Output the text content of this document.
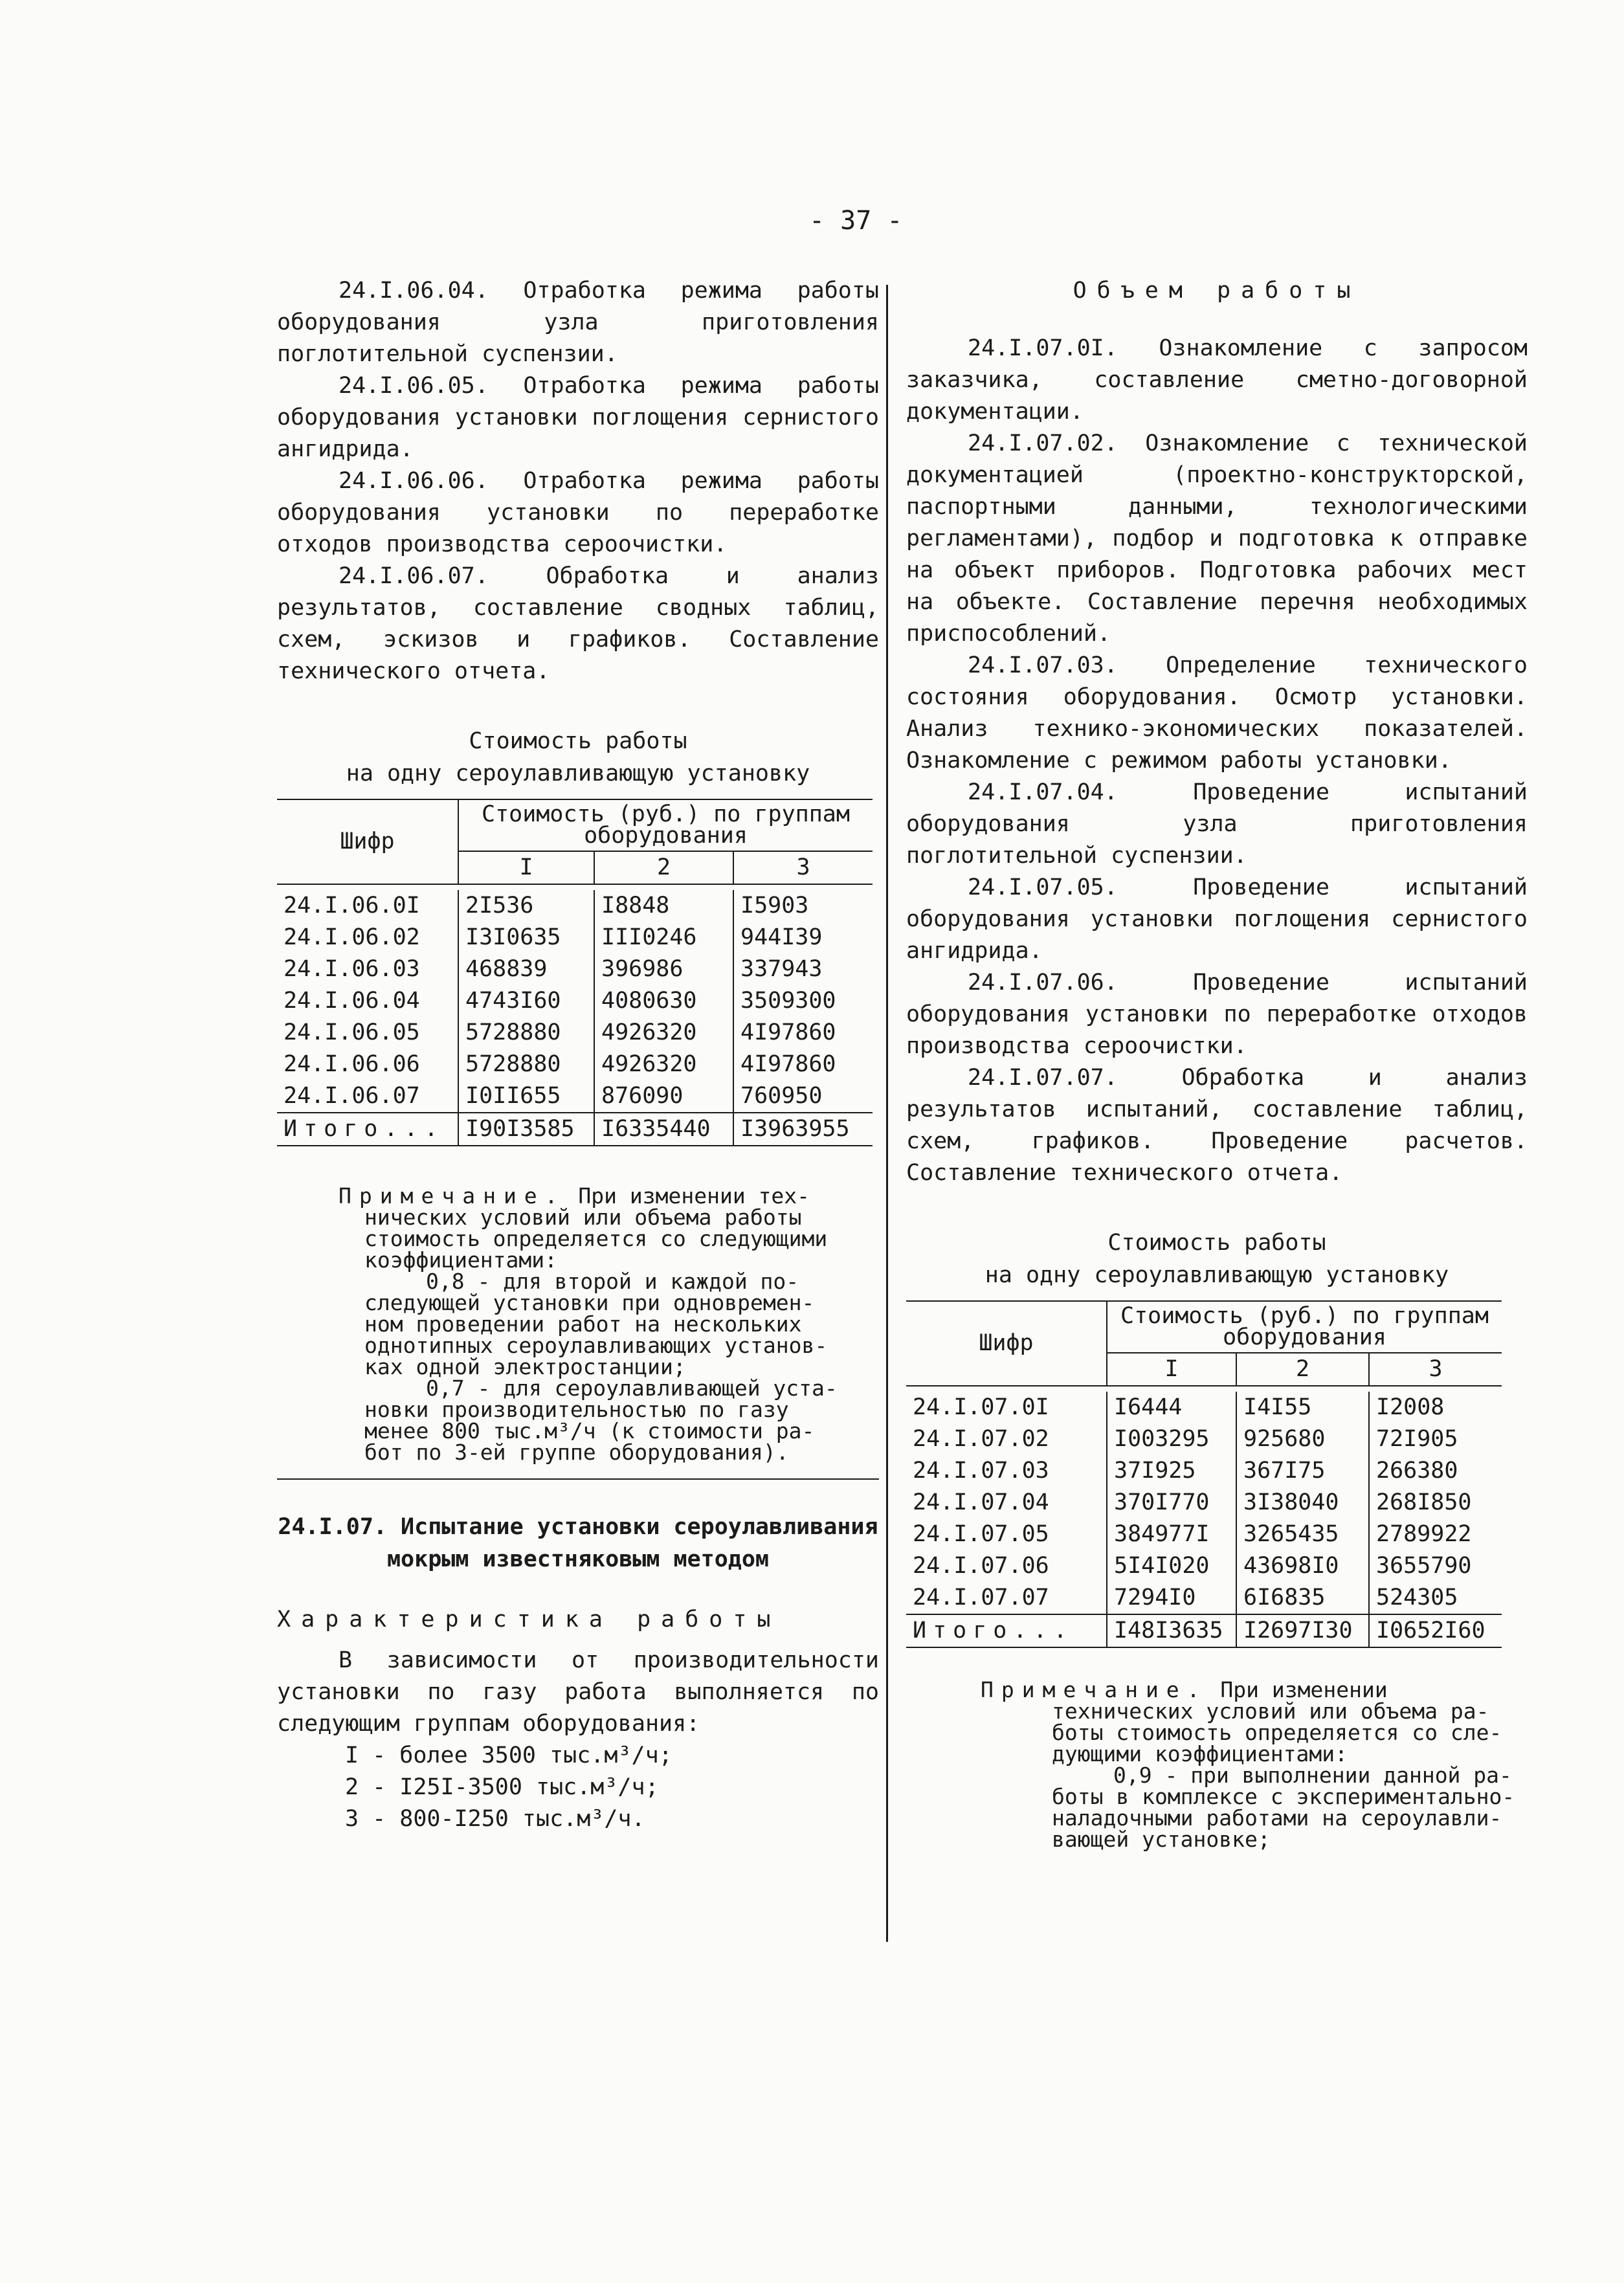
- 37 -

24.I.06.04. Отработка режима работы оборудования узла приготовления поглотительной суспензии.

24.I.06.05. Отработка режима работы оборудования установки поглощения сернистого ангидрида.

24.I.06.06. Отработка режима работы оборудования установки по переработке отходов производства сероочистки.

24.I.06.07. Обработка и анализ результатов, составление сводных таблиц, схем, эскизов и графиков. Составление технического отчета.

Стоимость работы
на одну сероулавливающую установку
Шифр	Стоимость (руб.) по группам оборудования		
	I	2	3

24.I.06.0I	2I536	I8848	I5903
24.I.06.02	I3I0635	III0246	944I39
24.I.06.03	468839	396986	337943
24.I.06.04	4743I60	4080630	3509300
24.I.06.05	5728880	4926320	4I97860
24.I.06.06	5728880	4926320	4I97860
24.I.06.07	I0II655	876090	760950
Итого...	I90I3585	I6335440	I3963955
Примечание. При изменении тех-
нических условий или объема работы
стоимость определяется со следующими
коэффициентами:
0,8 - для второй и каждой по-
следующей установки при одновремен-
ном проведении работ на нескольких
однотипных сероулавливающих установ-
ках одной электростанции;
0,7 - для сероулавливающей уста-
новки производительностью по газу
менее 800 тыс.м³/ч (к стоимости ра-
бот по 3-ей группе оборудования).
24.I.07. Испытание установки сероулавливания
мокрым известняковым методом

Характеристика работы

В зависимости от производительности установки по газу работа выполняется по следующим группам оборудования:

I - более 3500 тыс.м³/ч;

2 - I25I-3500 тыс.м³/ч;

3 - 800-I250 тыс.м³/ч.

Объем работы

24.I.07.0I. Ознакомление с запросом заказчика, составление сметно-договорной документации.

24.I.07.02. Ознакомление с технической документацией (проектно-конструкторской, паспортными данными, технологическими регламентами), подбор и подготовка к отправке на объект приборов. Подготовка рабочих мест на объекте. Составление перечня необходимых приспособлений.

24.I.07.03. Определение технического состояния оборудования. Осмотр установки. Анализ технико-экономических показателей. Ознакомление с режимом работы установки.

24.I.07.04. Проведение испытаний оборудования узла приготовления поглотительной суспензии.

24.I.07.05. Проведение испытаний оборудования установки поглощения сернистого ангидрида.

24.I.07.06. Проведение испытаний оборудования установки по переработке отходов производства сероочистки.

24.I.07.07. Обработка и анализ результатов испытаний, составление таблиц, схем, графиков. Проведение расчетов. Составление технического отчета.

Стоимость работы
на одну сероулавливающую установку
Шифр	Стоимость (руб.) по группам оборудования		
	I	2	3

24.I.07.0I	I6444	I4I55	I2008
24.I.07.02	I003295	925680	72I905
24.I.07.03	37I925	367I75	266380
24.I.07.04	370I770	3I38040	268I850
24.I.07.05	384977I	3265435	2789922
24.I.07.06	5I4I020	43698I0	3655790
24.I.07.07	7294I0	6I6835	524305
Итого...	I48I3635	I2697I30	I0652I60
Примечание. При изменении
технических условий или объема ра-
боты стоимость определяется со сле-
дующими коэффициентами:
0,9 - при выполнении данной ра-
боты в комплексе с экспериментально-
наладочными работами на сероулавли-
вающей установке;
